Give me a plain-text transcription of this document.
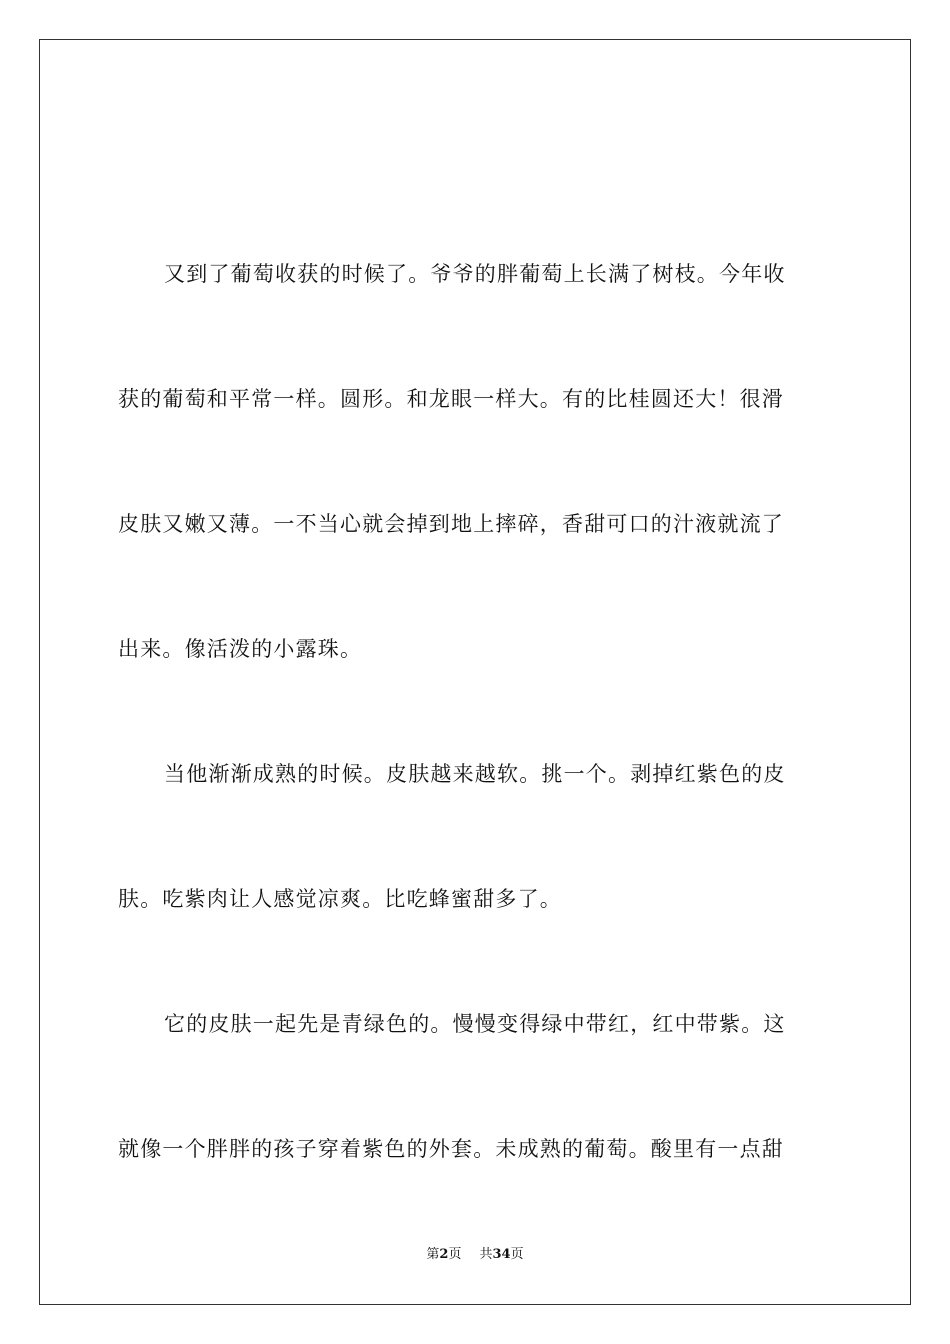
又到了葡萄收获的时候了。爷爷的胖葡萄上长满了树枝。今年收
获的葡萄和平常一样。圆形。和龙眼一样大。有的比桂圆还大！很滑
皮肤又嫩又薄。一不当心就会掉到地上摔碎，香甜可口的汁液就流了
出来。像活泼的小露珠。
当他渐渐成熟的时候。皮肤越来越软。挑一个。剥掉红紫色的皮
肤。吃紫肉让人感觉凉爽。比吃蜂蜜甜多了。
它的皮肤一起先是青绿色的。慢慢变得绿中带红，红中带紫。这
就像一个胖胖的孩子穿着紫色的外套。未成熟的葡萄。酸里有一点甜
第2页 共34页
